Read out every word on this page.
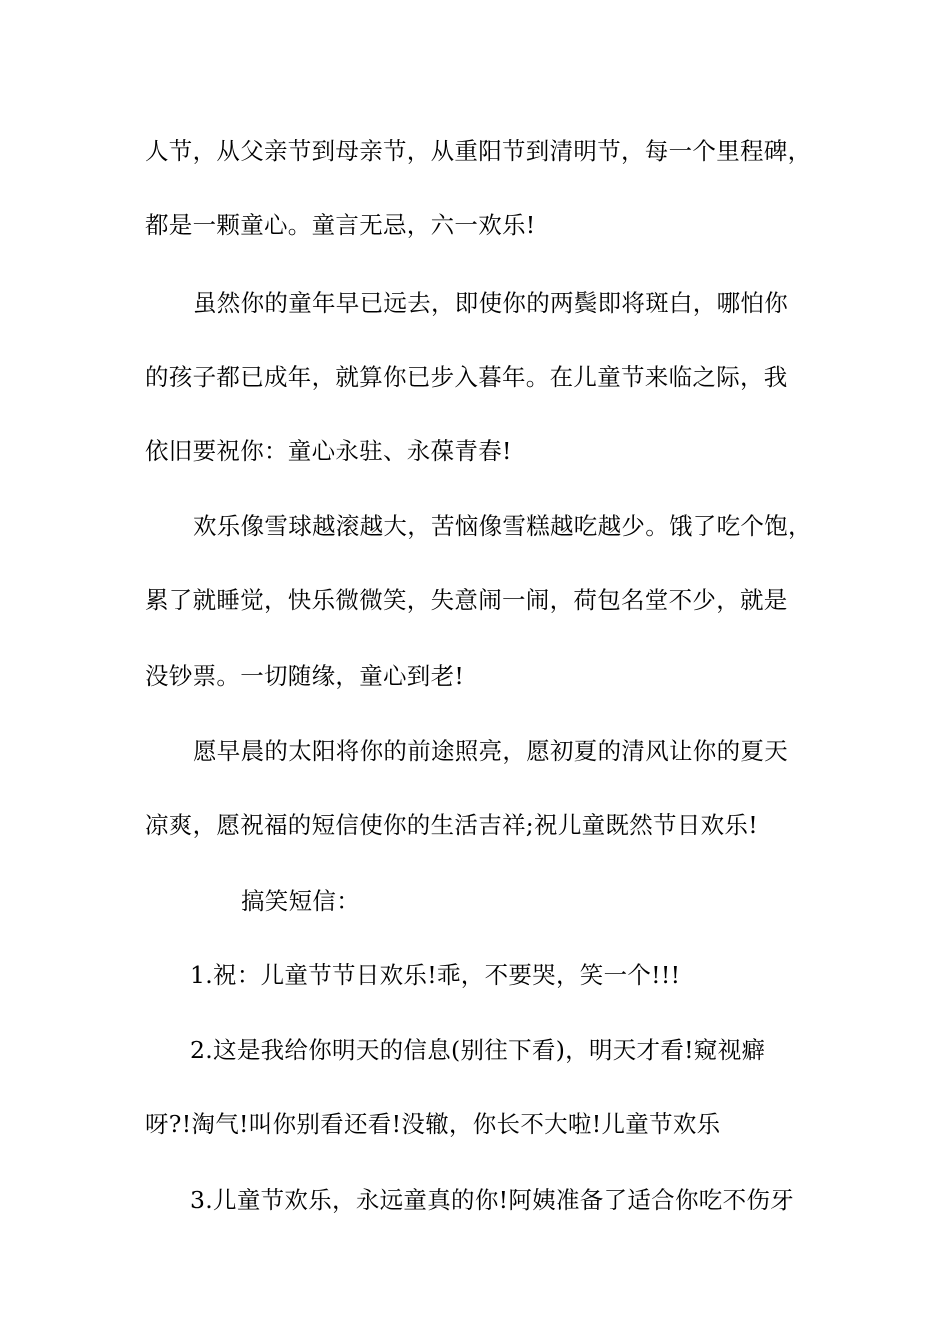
人节，从父亲节到母亲节，从重阳节到清明节，每一个里程碑，
都是一颗童心。童言无忌，六一欢乐!
虽然你的童年早已远去，即使你的两鬓即将斑白，哪怕你
的孩子都已成年，就算你已步入暮年。在儿童节来临之际，我
依旧要祝你：童心永驻、永葆青春!
欢乐像雪球越滚越大，苦恼像雪糕越吃越少。饿了吃个饱，
累了就睡觉，快乐微微笑，失意闹一闹，荷包名堂不少，就是
没钞票。一切随缘，童心到老!
愿早晨的太阳将你的前途照亮，愿初夏的清风让你的夏天
凉爽，愿祝福的短信使你的生活吉祥;祝儿童既然节日欢乐!
搞笑短信：
1.祝：儿童节节日欢乐!乖，不要哭，笑一个!!!
2.这是我给你明天的信息(别往下看)，明天才看!窥视癖
呀?!淘气!叫你别看还看!没辙，你长不大啦!儿童节欢乐
3.儿童节欢乐，永远童真的你!阿姨准备了适合你吃不伤牙
